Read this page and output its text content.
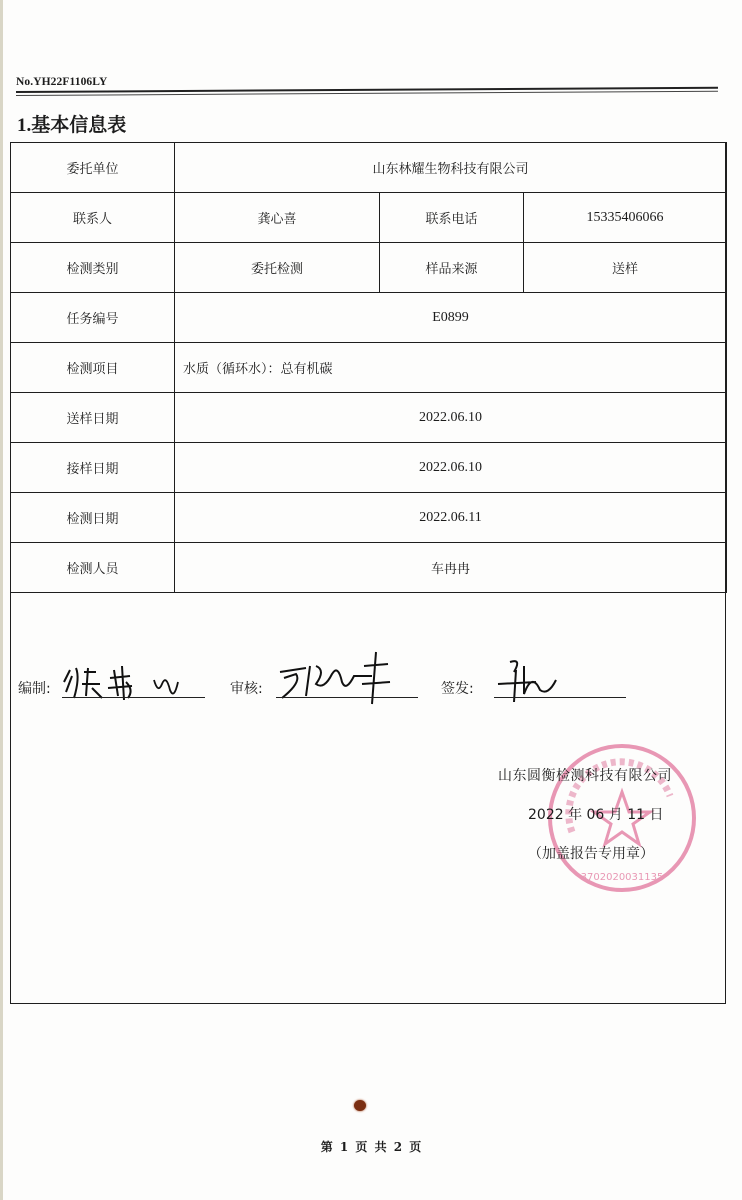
No.YH22F1106LY
1.基本信息表
委托单位	山东林耀生物科技有限公司		
联系人	龚心喜	联系电话	15335406066
检测类别	委托检测	样品来源	送样
任务编号	E0899		
检测项目	水质（循环水）：总有机碳		
送样日期	2022.06.10		
接样日期	2022.06.10		
检测日期	2022.06.11		
检测人员	车冉冉		
编制:	审核:	签发:
3702020031135
山东圆衡检测科技有限公司
2022 年 06 月 11 日
（加盖报告专用章）
第 1 页 共 2 页
